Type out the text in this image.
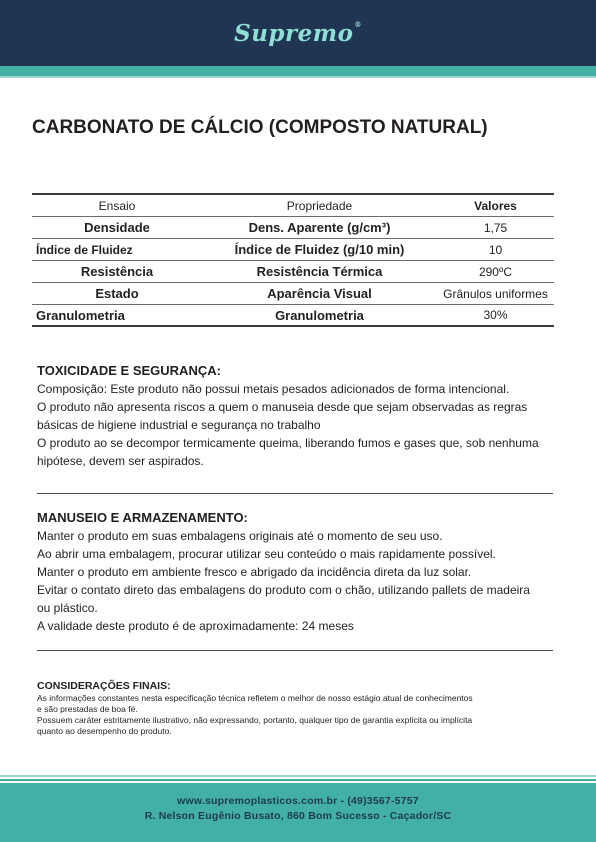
Supremo®
CARBONATO DE CÁLCIO (COMPOSTO NATURAL)
Ensaio	Propriedade	Valores
Densidade	Dens. Aparente (g/cm³)	1,75
Índice de Fluidez	Índice de Fluidez (g/10 min)	10
Resistência	Resistência Térmica	290ºC
Estado	Aparência Visual	Grânulos uniformes
Granulometria	Granulometria	30%
TOXICIDADE E SEGURANÇA:
Composição: Este produto não possui metais pesados adicionados de forma intencional.
O produto não apresenta riscos a quem o manuseia desde que sejam observadas as regras
básicas de higiene industrial e segurança no trabalho
O produto ao se decompor termicamente queima, liberando fumos e gases que, sob nenhuma
hipótese, devem ser aspirados.
MANUSEIO E ARMAZENAMENTO:
Manter o produto em suas embalagens originais até o momento de seu uso.
Ao abrir uma embalagem, procurar utilizar seu conteúdo o mais rapidamente possível.
Manter o produto em ambiente fresco e abrigado da incidência direta da luz solar.
Evitar o contato direto das embalagens do produto com o chão, utilizando pallets de madeira
ou plástico.
A validade deste produto é de aproximadamente: 24 meses
CONSIDERAÇÕES FINAIS:
As informações constantes nesta especificação técnica refletem o melhor de nosso estágio atual de conhecimentos
e são prestadas de boa fé.
Possuem caráter estritamente ilustrativo, não expressando, portanto, qualquer tipo de garantia explícita ou implícita
quanto ao desempenho do produto.
www.supremoplasticos.com.br - (49)3567-5757
R. Nelson Eugênio Busato, 860 Bom Sucesso - Caçador/SC
